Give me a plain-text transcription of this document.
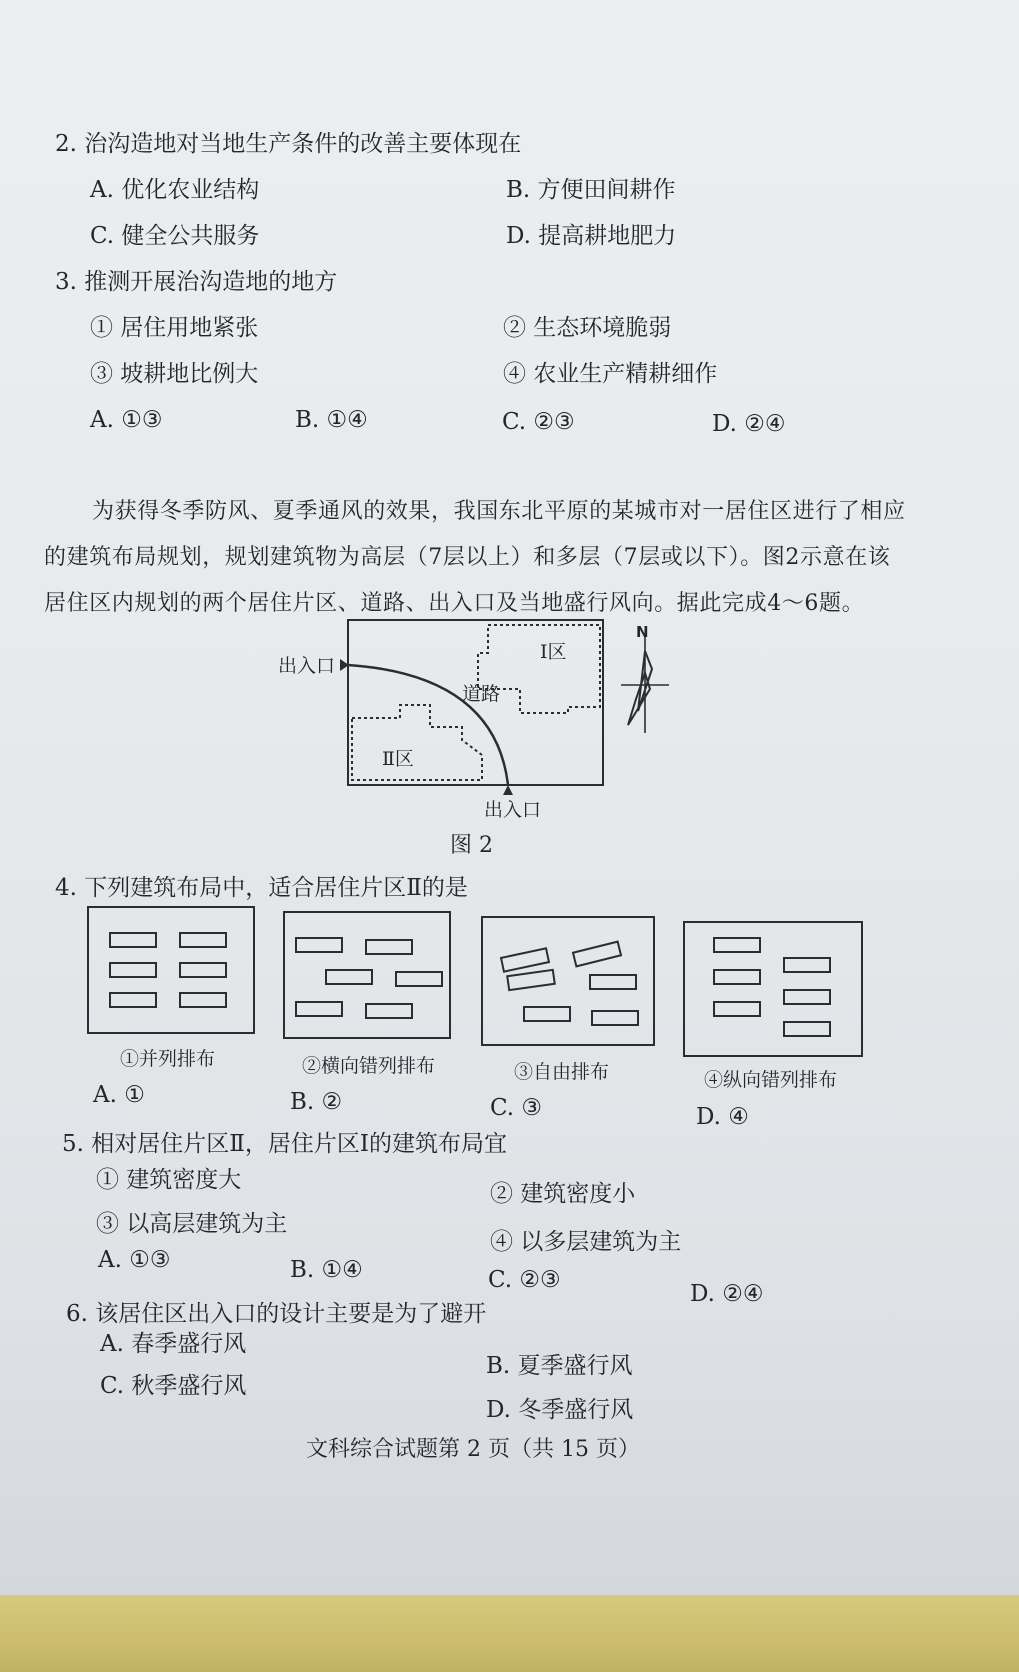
2. 治沟造地对当地生产条件的改善主要体现在
A. 优化农业结构	B. 方便田间耕作
C. 健全公共服务	D. 提高耕地肥力
3. 推测开展治沟造地的地方
① 居住用地紧张	② 生态环境脆弱
③ 坡耕地比例大	④ 农业生产精耕细作
A. ①③	B. ①④	C. ②③	D. ②④
为获得冬季防风、夏季通风的效果，我国东北平原的某城市对一居住区进行了相应
的建筑布局规划，规划建筑物为高层（7层以上）和多层（7层或以下）。图2示意在该
居住区内规划的两个居住片区、道路、出入口及当地盛行风向。据此完成4～6题。
出入口
出入口
道路
Ⅰ区
Ⅱ区
N
图 2
4. 下列建筑布局中，适合居住片区Ⅱ的是
①并列排布	②横向错列排布	③自由排布	④纵向错列排布
A. ①	B. ②	C. ③	D. ④
5. 相对居住片区Ⅱ，居住片区Ⅰ的建筑布局宜
① 建筑密度大
② 建筑密度小
③ 以高层建筑为主
④ 以多层建筑为主
A. ①③	B. ①④	C. ②③
D. ②④
6. 该居住区出入口的设计主要是为了避开
A. 春季盛行风
B. 夏季盛行风
C. 秋季盛行风
D. 冬季盛行风
文科综合试题第 2 页（共 15 页）
